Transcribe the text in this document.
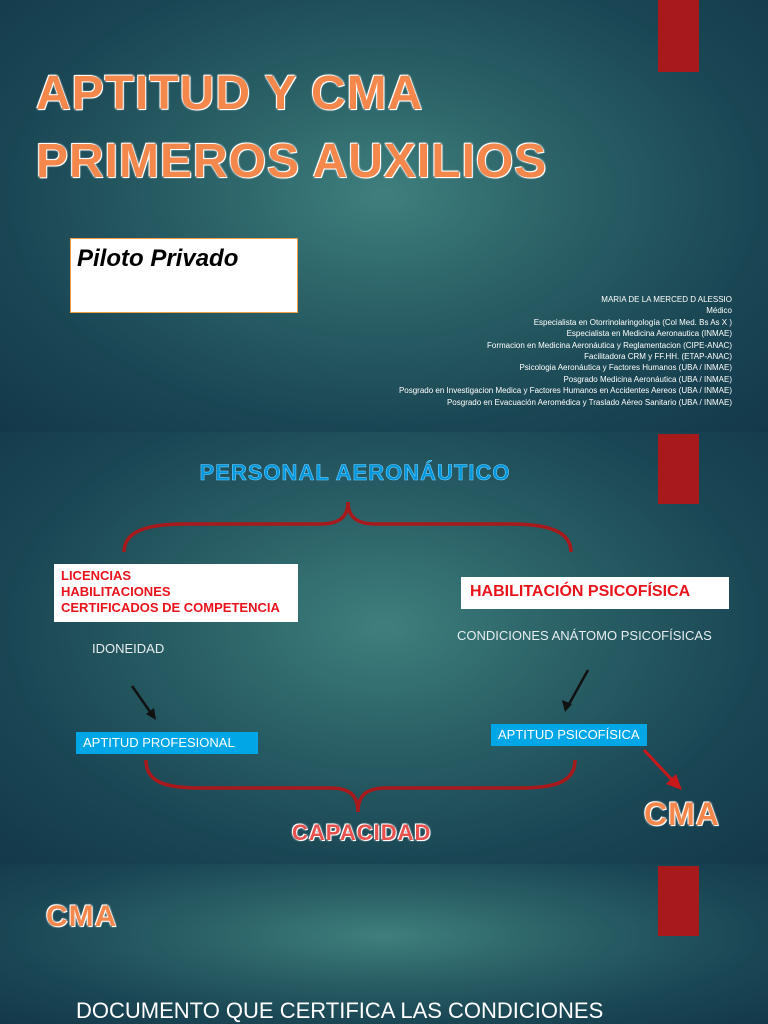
APTITUD Y CMA
PRIMEROS AUXILIOS
Piloto Privado
MARIA DE LA MERCED D ALESSIO
Médico
Especialista en Otorrinolaringología (Col Med. Bs As X )
Especialista en Medicina Aeronautica (INMAE)
Formacion en Medicina Aeronáutica y Reglamentacion (CIPE-ANAC)
Facilitadora CRM y FF.HH. (ETAP-ANAC)
Psicologia Aeronáutica y Factores Humanos (UBA / INMAE)
Posgrado Medicina Aeronáutica (UBA / INMAE)
Posgrado en Investigacion Medica y Factores Humanos en Accidentes Aereos (UBA / INMAE)
Posgrado en Evacuación Aeromédica y Traslado Aéreo Sanitario (UBA / INMAE)
PERSONAL AERONÁUTICO
LICENCIAS
HABILITACIONES
CERTIFICADOS DE COMPETENCIA
HABILITACIÓN PSICOFÍSICA
IDONEIDAD
CONDICIONES ANÁTOMO PSICOFÍSICAS
APTITUD PROFESIONAL
APTITUD PSICOFÍSICA
CAPACIDAD
CMA
CMA
DOCUMENTO QUE CERTIFICA LAS CONDICIONES
